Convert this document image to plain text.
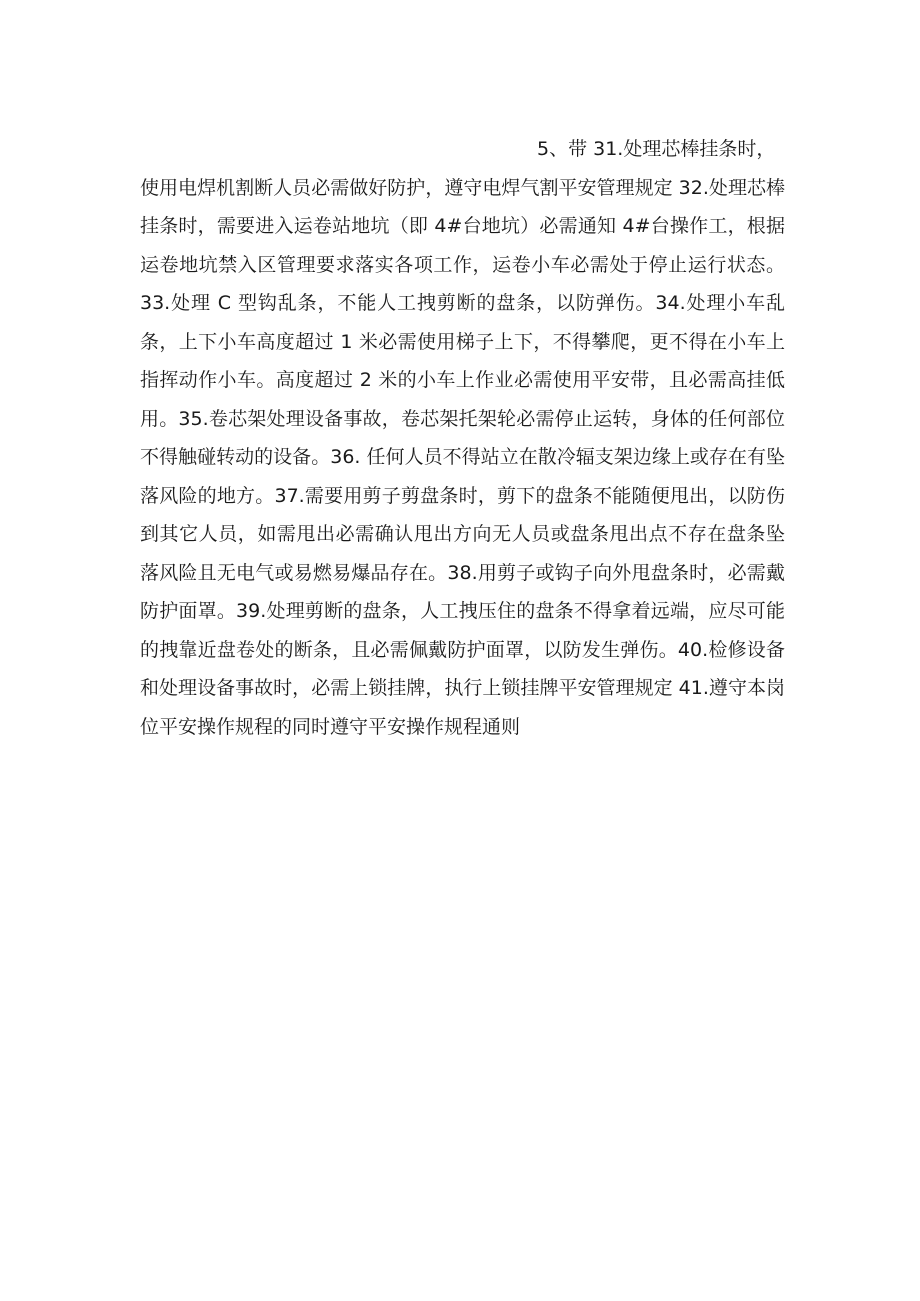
5、带 31.处理芯棒挂条时，
使用电焊机割断人员必需做好防护，遵守电焊气割平安管理规定 32.处理芯棒挂条时，需要进入运卷站地坑（即 4#台地坑）必需通知 4#台操作工，根据运卷地坑禁入区管理要求落实各项工作，运卷小车必需处于停止运行状态。33.处理 C 型钩乱条，不能人工拽剪断的盘条，以防弹伤。34.处理小车乱条，上下小车高度超过 1 米必需使用梯子上下，不得攀爬，更不得在小车上指挥动作小车。高度超过 2 米的小车上作业必需使用平安带，且必需高挂低用。35.卷芯架处理设备事故，卷芯架托架轮必需停止运转，身体的任何部位不得触碰转动的设备。36. 任何人员不得站立在散冷辐支架边缘上或存在有坠落风险的地方。37.需要用剪子剪盘条时，剪下的盘条不能随便甩出，以防伤到其它人员，如需甩出必需确认甩出方向无人员或盘条甩出点不存在盘条坠落风险且无电气或易燃易爆品存在。38.用剪子或钩子向外甩盘条时，必需戴防护面罩。39.处理剪断的盘条，人工拽压住的盘条不得拿着远端，应尽可能的拽靠近盘卷处的断条，且必需佩戴防护面罩，以防发生弹伤。40.检修设备和处理设备事故时，必需上锁挂牌，执行上锁挂牌平安管理规定 41.遵守本岗位平安操作规程的同时遵守平安操作规程通则
